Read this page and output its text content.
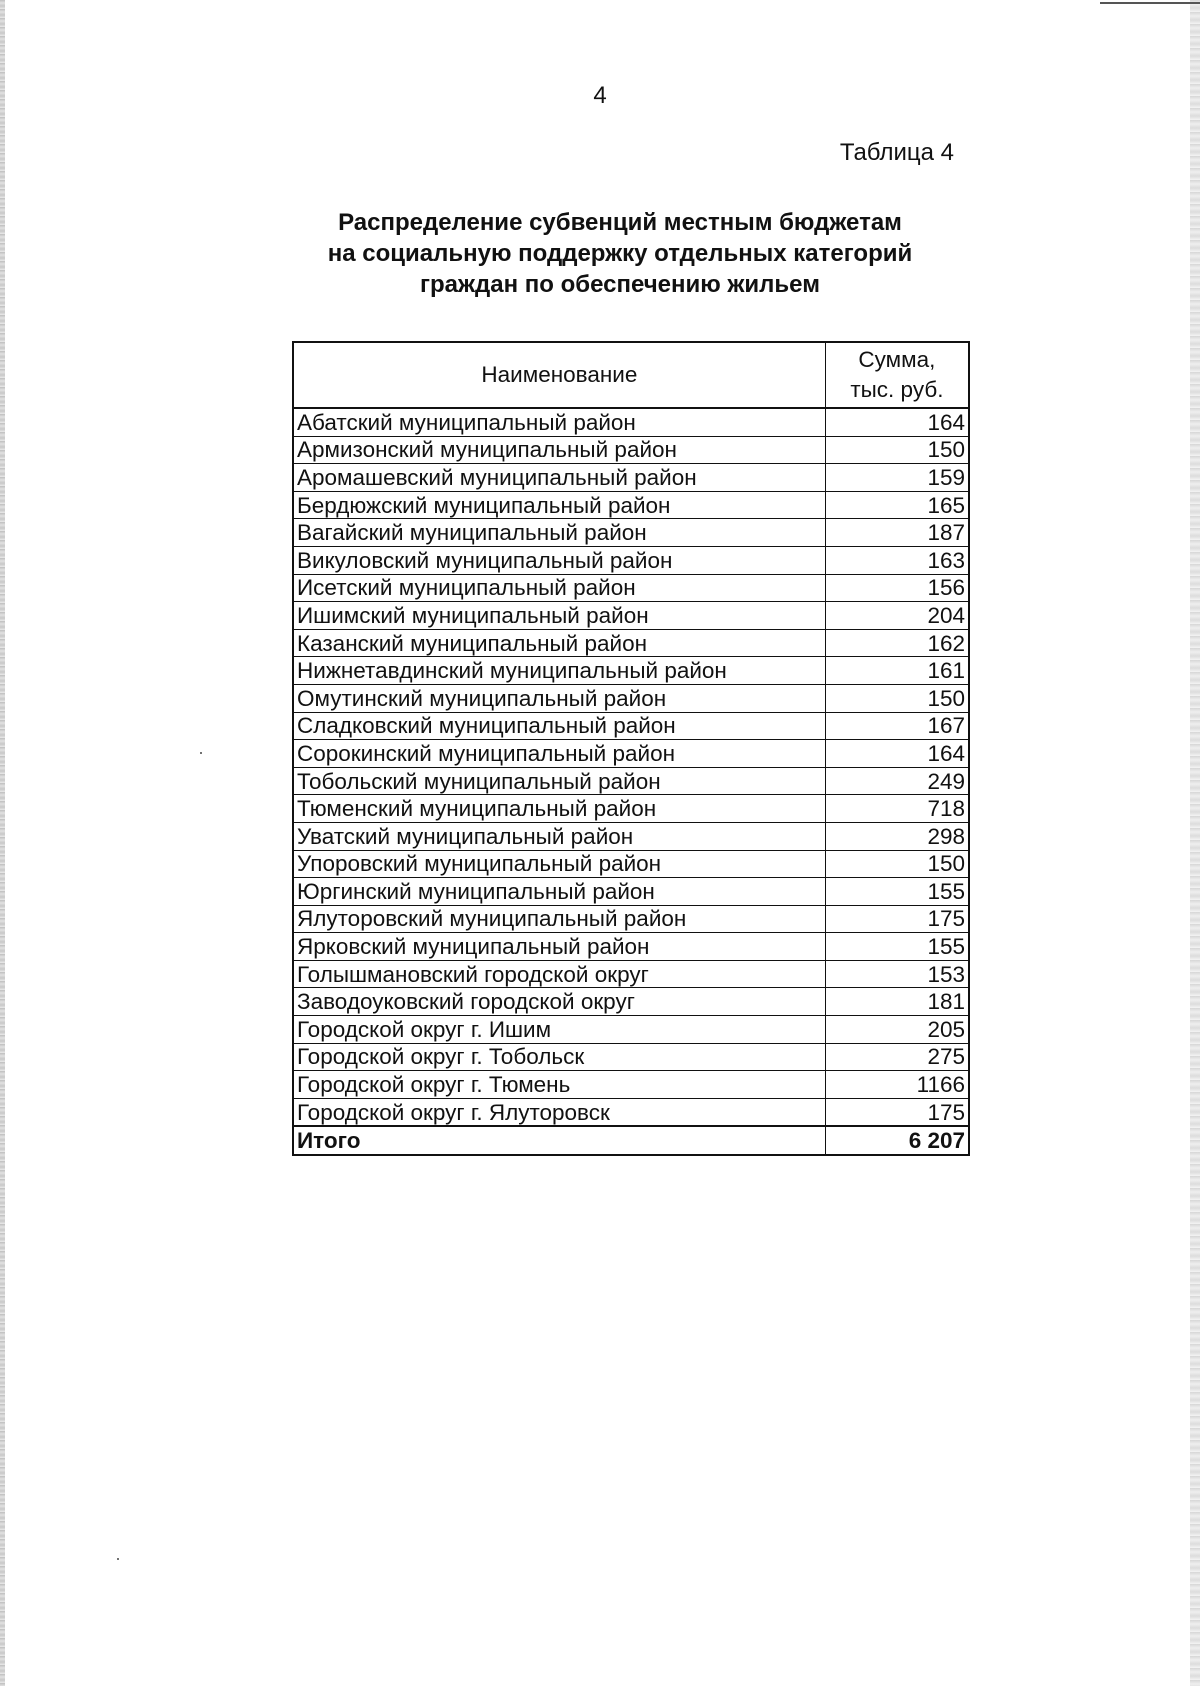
4
Таблица 4
Распределение субвенций местным бюджетам
на социальную поддержку отдельных категорий
граждан по обеспечению жильем
Наименование	Сумма,
тыс. руб.

Абатский муниципальный район	164
Армизонский муниципальный район	150
Аромашевский муниципальный район	159
Бердюжский муниципальный район	165
Вагайский муниципальный район	187
Викуловский муниципальный район	163
Исетский муниципальный район	156
Ишимский муниципальный район	204
Казанский муниципальный район	162
Нижнетавдинский муниципальный район	161
Омутинский муниципальный район	150
Сладковский муниципальный район	167
Сорокинский муниципальный район	164
Тобольский муниципальный район	249
Тюменский муниципальный район	718
Уватский муниципальный район	298
Упоровский муниципальный район	150
Юргинский муниципальный район	155
Ялуторовский муниципальный район	175
Ярковский муниципальный район	155
Голышмановский городской округ	153
Заводоуковский городской округ	181
Городской округ г. Ишим	205
Городской округ г. Тобольск	275
Городской округ г. Тюмень	1166
Городской округ г. Ялуторовск	175
Итого	6 207
